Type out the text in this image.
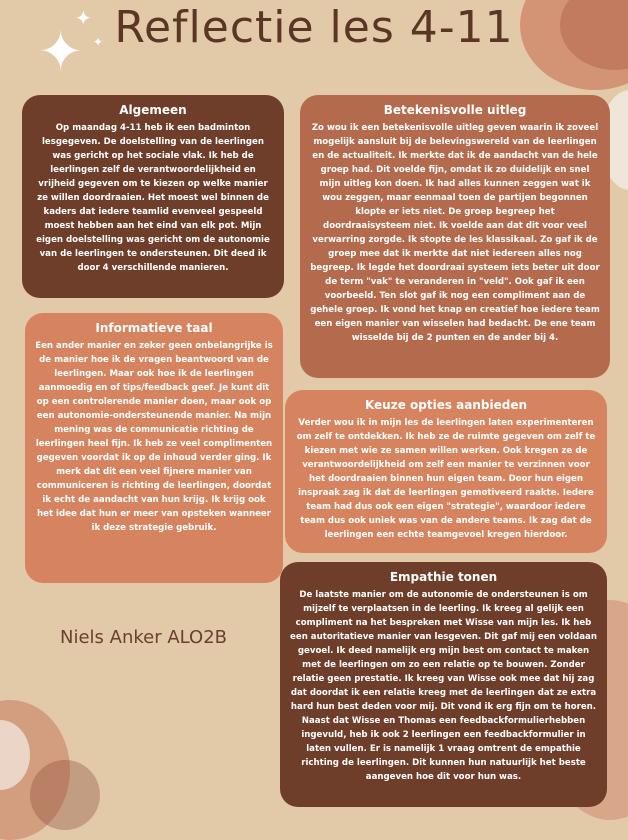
✦
✦
✦ Reflectie les 4-11
Algemeen

Op maandag 4-11 heb ik een badminton lesgegeven. De doelstelling van de leerlingen was gericht op het sociale vlak. Ik heb de leerlingen zelf de verantwoordelijkheid en vrijheid gegeven om te kiezen op welke manier ze willen doordraaien. Het moest wel binnen de kaders dat iedere teamlid evenveel gespeeld moest hebben aan het eind van elk pot. Mijn eigen doelstelling was gericht om de autonomie van de leerlingen te ondersteunen. Dit deed ik door 4 verschillende manieren.

Betekenisvolle uitleg

Zo wou ik een betekenisvolle uitleg geven waarin ik zoveel mogelijk aansluit bij de belevingswereld van de leerlingen en de actualiteit. Ik merkte dat ik de aandacht van de hele groep had. Dit voelde fijn, omdat ik zo duidelijk en snel mijn uitleg kon doen. Ik had alles kunnen zeggen wat ik wou zeggen, maar eenmaal toen de partijen begonnen klopte er iets niet. De groep begreep het doordraaisysteem niet. Ik voelde aan dat dit voor veel verwarring zorgde. Ik stopte de les klassikaal. Zo gaf ik de groep mee dat ik merkte dat niet iedereen alles nog begreep. Ik legde het doordraai systeem iets beter uit door de term "vak" te veranderen in "veld". Ook gaf ik een voorbeeld. Ten slot gaf ik nog een compliment aan de gehele groep. Ik vond het knap en creatief hoe iedere team een eigen manier van wisselen had bedacht. De ene team wisselde bij de 2 punten en de ander bij 4.

Informatieve taal

Een ander manier en zeker geen onbelangrijke is de manier hoe ik de vragen beantwoord van de leerlingen. Maar ook hoe ik de leerlingen aanmoedig en of tips/feedback geef. Je kunt dit op een controlerende manier doen, maar ook op een autonomie-ondersteunende manier. Na mijn mening was de communicatie richting de leerlingen heel fijn. Ik heb ze veel complimenten gegeven voordat ik op de inhoud verder ging. Ik merk dat dit een veel fijnere manier van communiceren is richting de leerlingen, doordat ik echt de aandacht van hun krijg. Ik krijg ook het idee dat hun er meer van opsteken wanneer ik deze strategie gebruik.

Keuze opties aanbieden

Verder wou ik in mijn les de leerlingen laten experimenteren om zelf te ontdekken. Ik heb ze de ruimte gegeven om zelf te kiezen met wie ze samen willen werken. Ook kregen ze de verantwoordelijkheid om zelf een manier te verzinnen voor het doordraaien binnen hun eigen team. Door hun eigen inspraak zag ik dat de leerlingen gemotiveerd raakte. Iedere team had dus ook een eigen "strategie", waardoor iedere team dus ook uniek was van de andere teams. Ik zag dat de leerlingen een echte teamgevoel kregen hierdoor.

Empathie tonen

De laatste manier om de autonomie de ondersteunen is om mijzelf te verplaatsen in de leerling. Ik kreeg al gelijk een compliment na het bespreken met Wisse van mijn les. Ik heb een autoritatieve manier van lesgeven. Dit gaf mij een voldaan gevoel. Ik deed namelijk erg mijn best om contact te maken met de leerlingen om zo een relatie op te bouwen. Zonder relatie geen prestatie. Ik kreeg van Wisse ook mee dat hij zag dat doordat ik een relatie kreeg met de leerlingen dat ze extra hard hun best deden voor mij. Dit vond ik erg fijn om te horen. Naast dat Wisse en Thomas een feedbackformulierhebben ingevuld, heb ik ook 2 leerlingen een feedbackformulier in laten vullen. Er is namelijk 1 vraag omtrent de empathie richting de leerlingen. Dit kunnen hun natuurlijk het beste aangeven hoe dit voor hun was.

Niels Anker ALO2B
